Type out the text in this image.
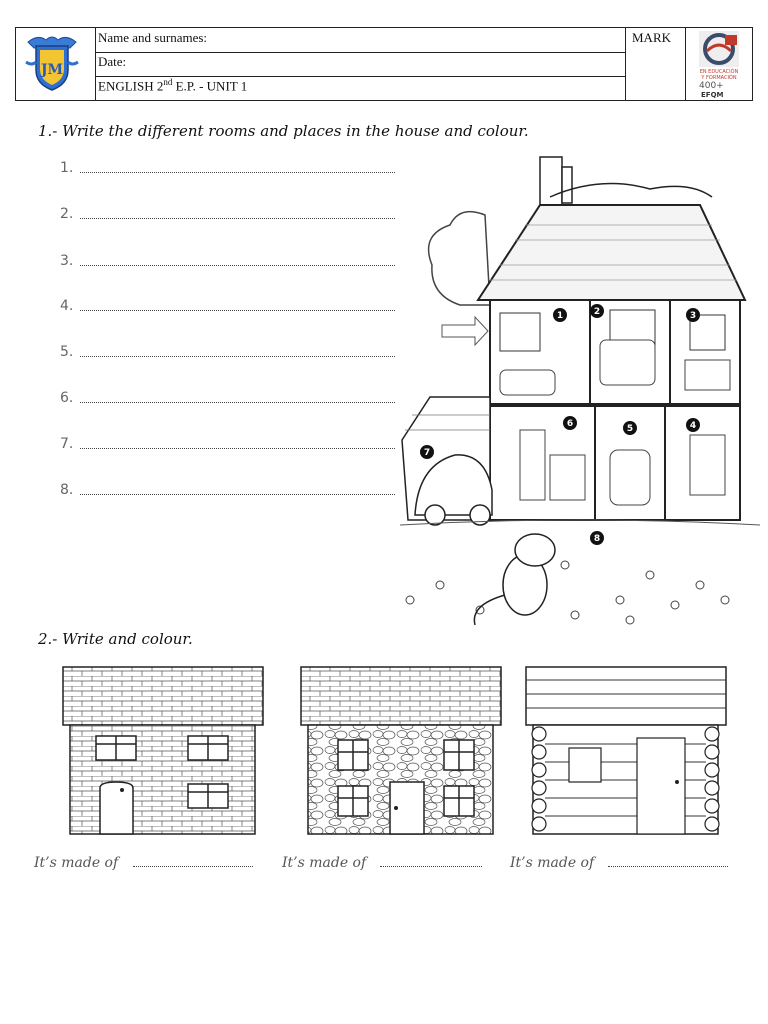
JM
Name and surnames:
Date:
ENGLISH 2nd E.P. - UNIT 1
MARK
EN EDUCACIÓN
Y FORMACIÓN
400+
EFQM
1.- Write the different rooms and places in the house and colour.
1.
2.
3.
4.
5.
6.
7.
8.
1	2	3
4
5
6
7
8
2.- Write and colour.
It’s made of	It’s made of	It’s made of
